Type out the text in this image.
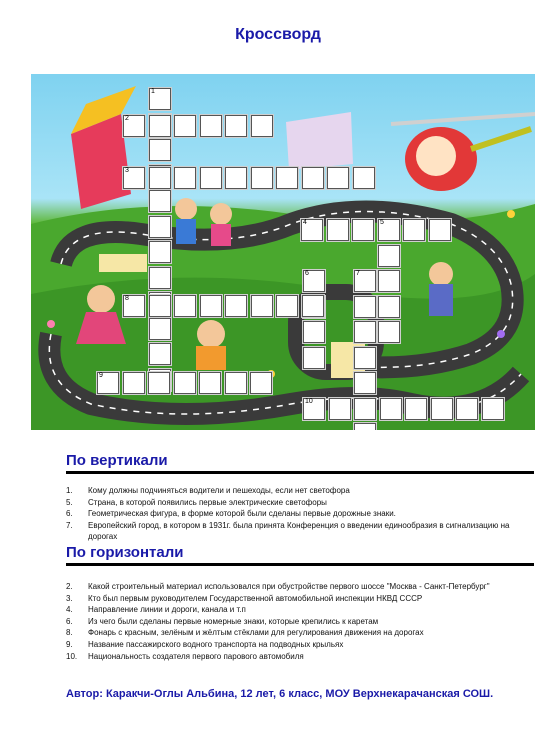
Кроссворд
1
2
3
4	5
6	7
8
9
10
По вертикали
1. Кому должны подчиняться водители и пешеходы, если нет светофора
5. Страна, в которой появились первые электрические светофоры
6. Геометрическая фигура, в форме которой были сделаны первые дорожные знаки.
7. Европейский город, в котором в 1931г. была принята Конференция о введении единообразия в сигнализацию на дорогах
По горизонтали
2. Какой строительный материал использовался при обустройстве первого шоссе "Москва - Санкт-Петербург"
3. Кто был первым руководителем Государственной автомобильной инспекции НКВД СССР
4. Направление линии и дороги, канала и т.п
6. Из чего были сделаны первые номерные знаки, которые крепились к каретам
8. Фонарь с красным, зелёным и жёлтым стёклами для регулирования движения на дорогах
9. Название пассажирского водного транспорта на подводных крыльях
10. Национальность создателя первого парового автомобиля
Автор: Каракчи-Оглы Альбина, 12 лет, 6 класс, МОУ Верхнекарачанская СОШ.
